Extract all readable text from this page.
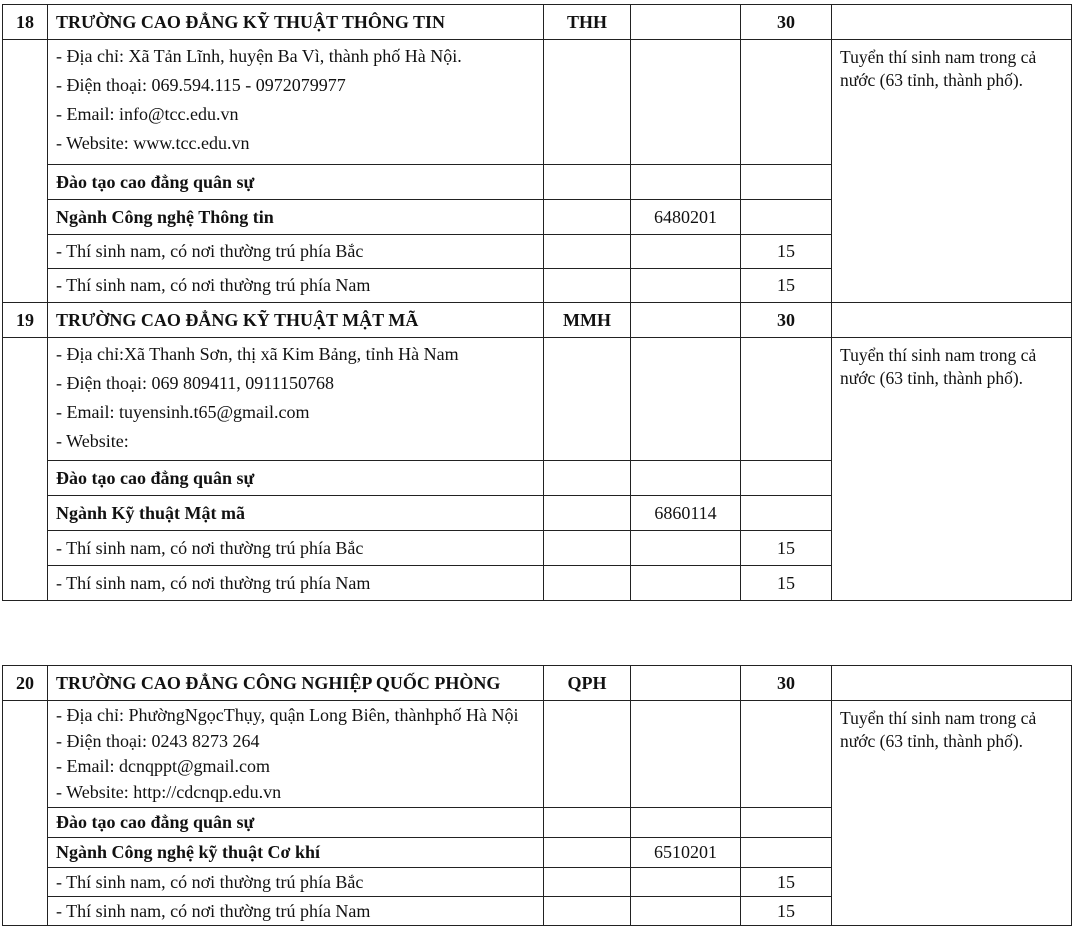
18	TRƯỜNG CAO ĐẲNG KỸ THUẬT THÔNG TIN	THH		30	

	- Địa chỉ: Xã Tản Lĩnh, huyện Ba Vì, thành phố Hà Nội.
- Điện thoại: 069.594.115 - 0972079977
- Email: info@tcc.edu.vn
- Website: www.tcc.edu.vn				Tuyển thí sinh nam trong cả nước (63 tỉnh, thành phố).
	Đào tạo cao đẳng quân sự				
	Ngành Công nghệ Thông tin		6480201		
	- Thí sinh nam, có nơi thường trú phía Bắc			15	
	- Thí sinh nam, có nơi thường trú phía Nam			15	
19	TRƯỜNG CAO ĐẲNG KỸ THUẬT MẬT MÃ	MMH		30	

	- Địa chỉ:Xã Thanh Sơn, thị xã Kim Bảng, tỉnh Hà Nam
- Điện thoại: 069 809411, 0911150768
- Email: tuyensinh.t65@gmail.com
- Website:				Tuyển thí sinh nam trong cả nước (63 tỉnh, thành phố).
	Đào tạo cao đẳng quân sự				
	Ngành Kỹ thuật Mật mã		6860114		
	- Thí sinh nam, có nơi thường trú phía Bắc			15	
	- Thí sinh nam, có nơi thường trú phía Nam			15	
20	TRƯỜNG CAO ĐẲNG CÔNG NGHIỆP QUỐC PHÒNG	QPH		30	

	- Địa chỉ: PhườngNgọcThụy, quận Long Biên, thànhphố Hà Nội
- Điện thoại: 0243 8273 264
- Email: dcnqppt@gmail.com
- Website: http://cdcnqp.edu.vn				Tuyển thí sinh nam trong cả nước (63 tỉnh, thành phố).
	Đào tạo cao đẳng quân sự				
	Ngành Công nghệ kỹ thuật Cơ khí		6510201		
	- Thí sinh nam, có nơi thường trú phía Bắc			15	
	- Thí sinh nam, có nơi thường trú phía Nam			15	
